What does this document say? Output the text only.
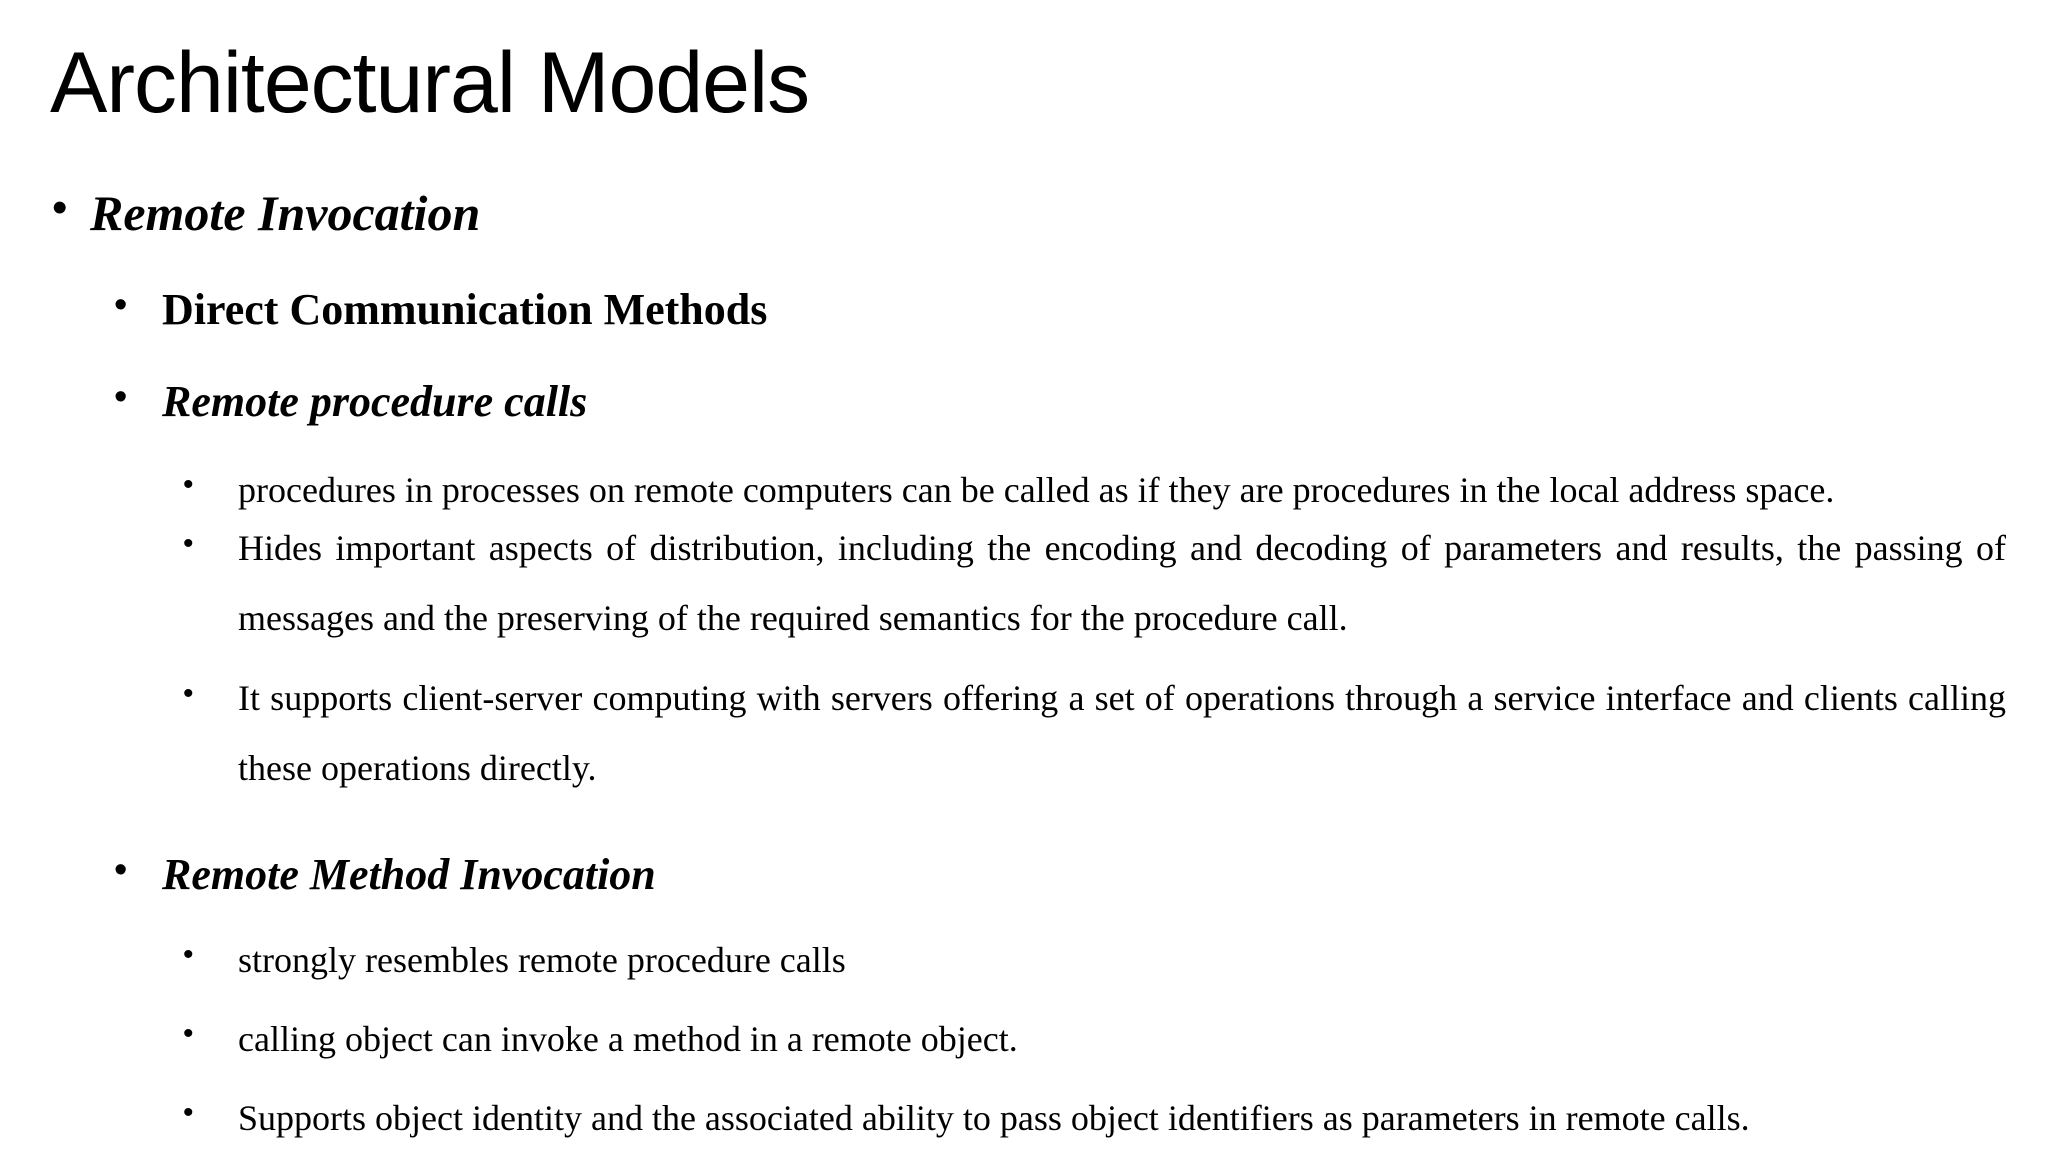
Architectural Models
• Remote Invocation
• Direct Communication Methods
• Remote procedure calls
• procedures in processes on remote computers can be called as if they are procedures in the local address space.
• Hides important aspects of distribution, including the encoding and decoding of parameters and results, the passing of messages and the preserving of the required semantics for the procedure call.
• It supports client-server computing with servers offering a set of operations through a service interface and clients calling these operations directly.
• Remote Method Invocation
• strongly resembles remote procedure calls
• calling object can invoke a method in a remote object.
• Supports object identity and the associated ability to pass object identifiers as parameters in remote calls.
